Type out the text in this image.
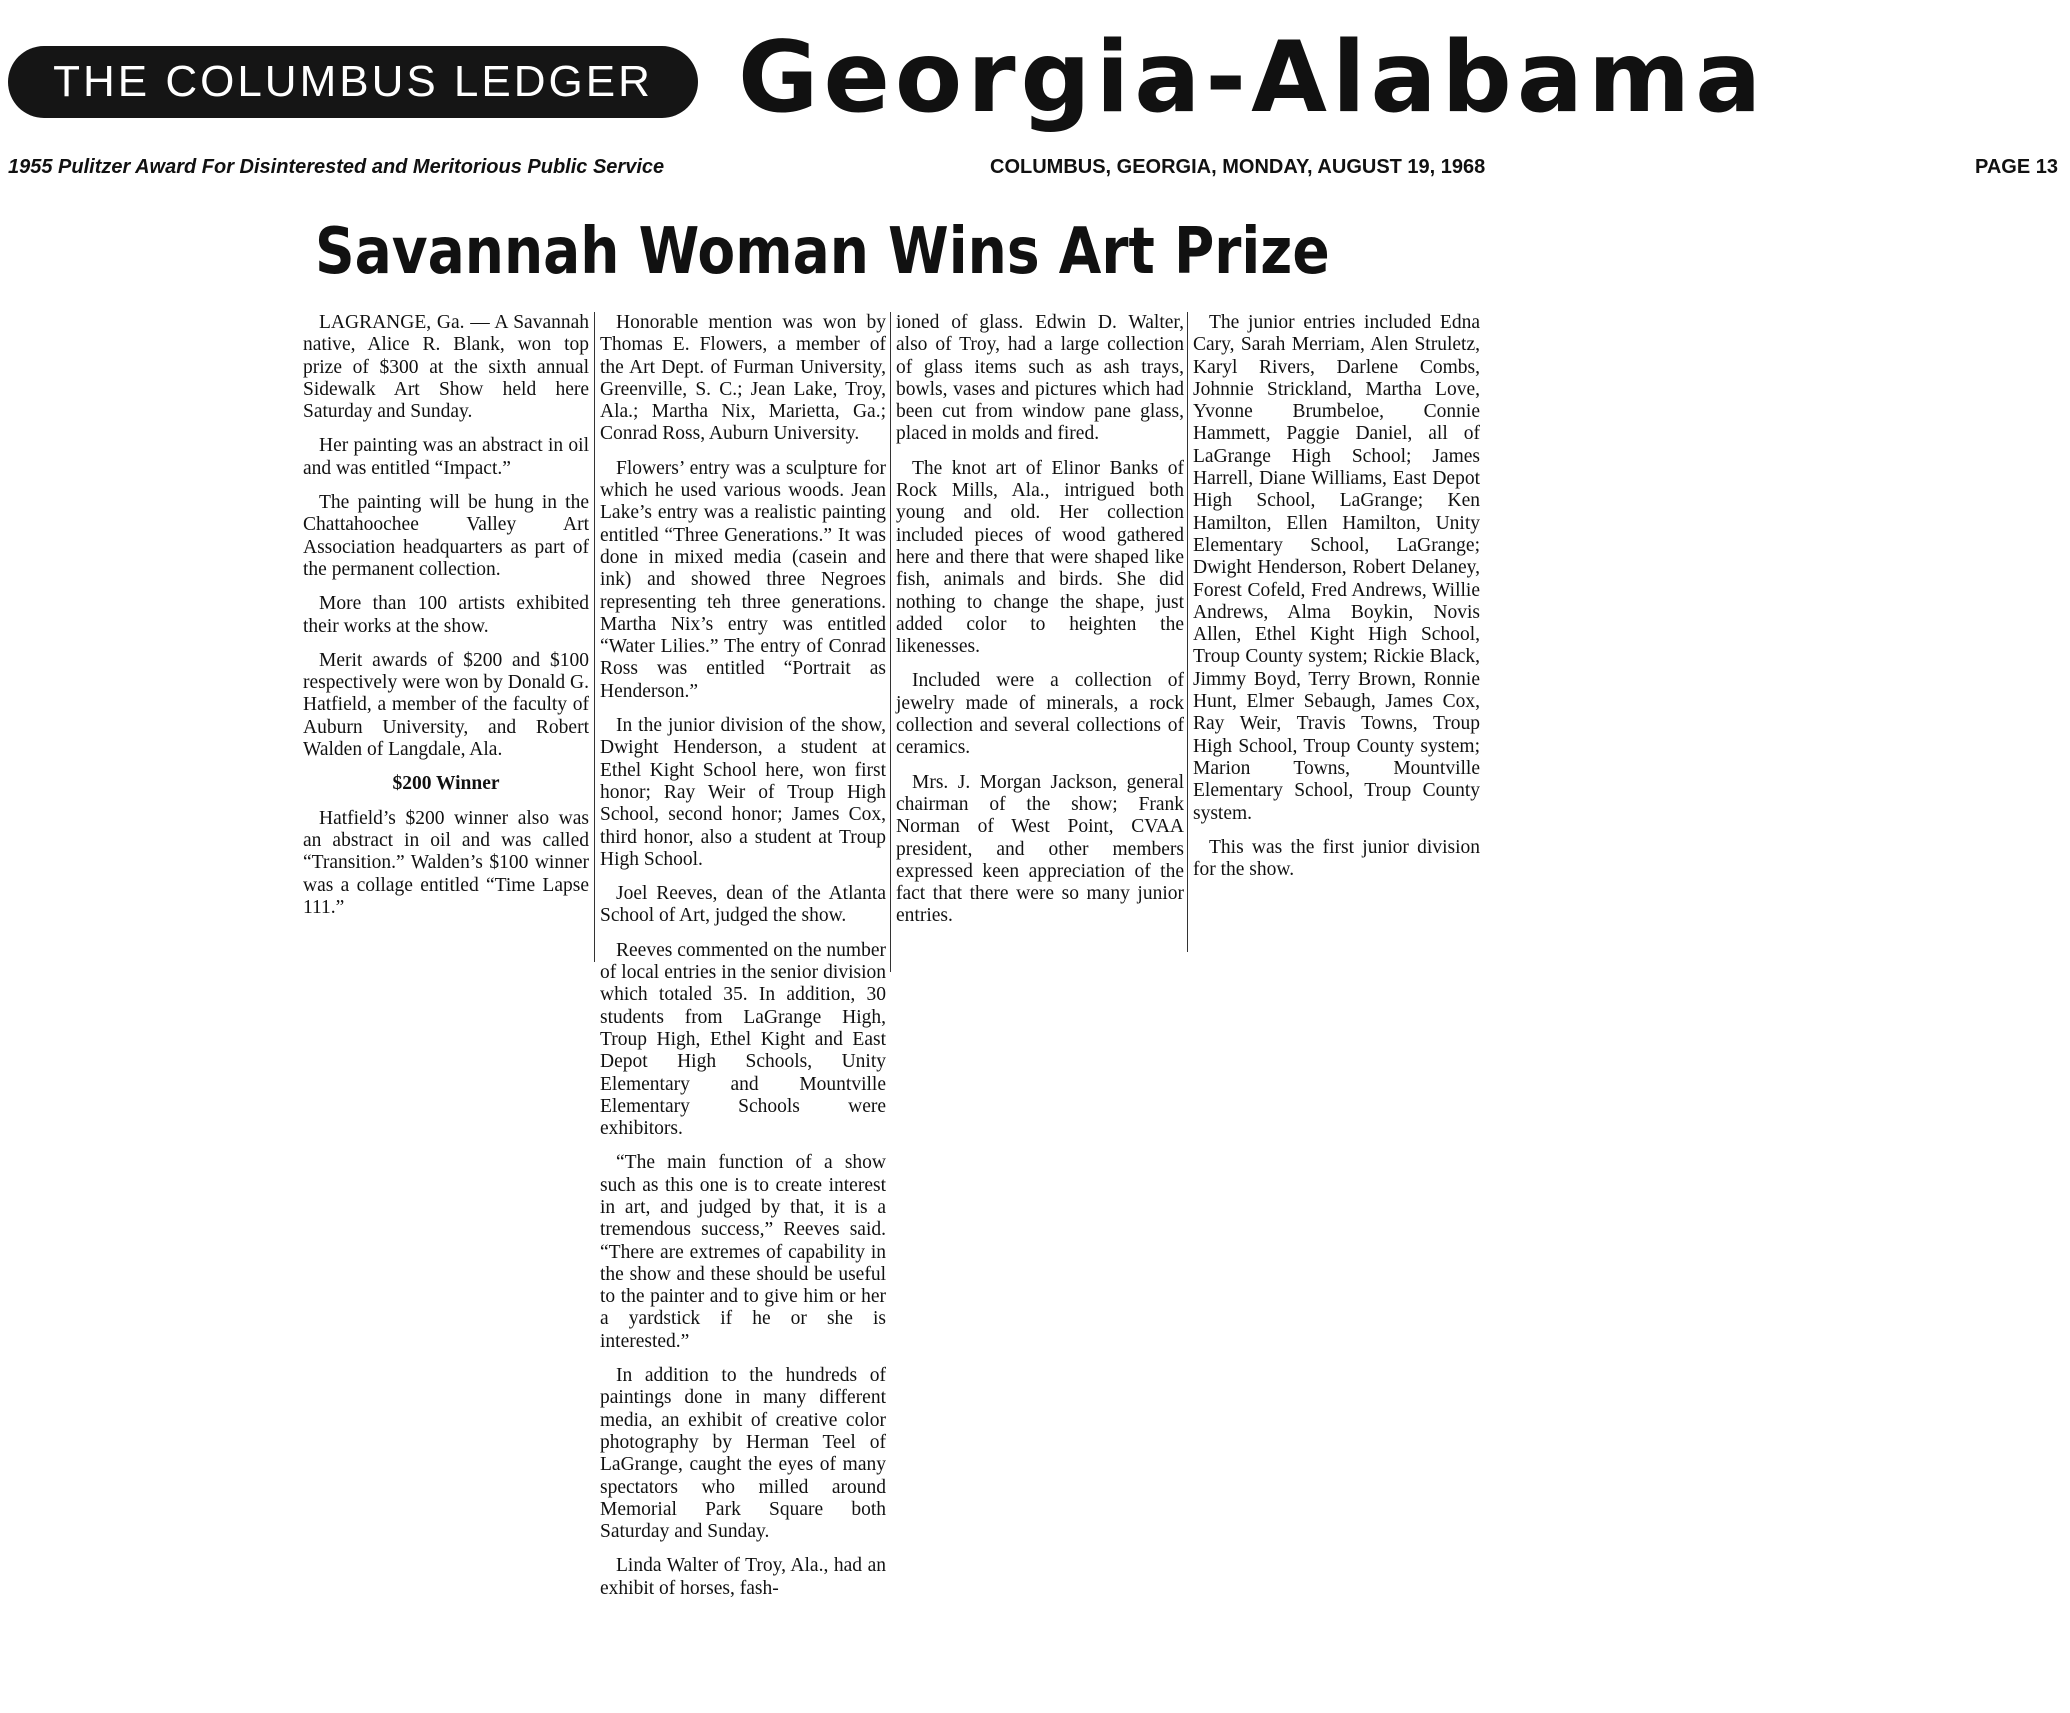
THE COLUMBUS LEDGER Georgia-Alabama
1955 Pulitzer Award For Disinterested and Meritorious Public Service	COLUMBUS, GEORGIA, MONDAY, AUGUST 19, 1968	PAGE 13
Savannah Woman Wins Art Prize

LAGRANGE, Ga. — A Savannah native, Alice R. Blank, won top prize of $300 at the sixth annual Sidewalk Art Show held here Saturday and Sunday.

Her painting was an abstract in oil and was entitled “Impact.”

The painting will be hung in the Chattahoochee Valley Art Association headquarters as part of the permanent collection.

More than 100 artists exhibited their works at the show.

Merit awards of $200 and $100 respectively were won by Donald G. Hatfield, a member of the faculty of Auburn University, and Robert Walden of Langdale, Ala.

$200 Winner

Hatfield’s $200 winner also was an abstract in oil and was called “Transition.” Walden’s $100 winner was a collage entitled “Time Lapse 111.”

Honorable mention was won by Thomas E. Flowers, a member of the Art Dept. of Furman University, Greenville, S. C.; Jean Lake, Troy, Ala.; Martha Nix, Marietta, Ga.; Conrad Ross, Auburn University.

Flowers’ entry was a sculpture for which he used various woods. Jean Lake’s entry was a realistic painting entitled “Three Generations.” It was done in mixed media (casein and ink) and showed three Negroes representing teh three generations. Martha Nix’s entry was entitled “Water Lilies.” The entry of Conrad Ross was entitled “Portrait as Henderson.”

In the junior division of the show, Dwight Henderson, a student at Ethel Kight School here, won first honor; Ray Weir of Troup High School, second honor; James Cox, third honor, also a student at Troup High School.

Joel Reeves, dean of the Atlanta School of Art, judged the show.

Reeves commented on the number of local entries in the senior division which totaled 35. In addition, 30 students from LaGrange High, Troup High, Ethel Kight and East Depot High Schools, Unity Elementary and Mountville Elementary Schools were exhibitors.

“The main function of a show such as this one is to create interest in art, and judged by that, it is a tremendous success,” Reeves said. “There are extremes of capability in the show and these should be useful to the painter and to give him or her a yardstick if he or she is interested.”

In addition to the hundreds of paintings done in many different media, an exhibit of creative color photography by Herman Teel of LaGrange, caught the eyes of many spectators who milled around Memorial Park Square both Saturday and Sunday.

Linda Walter of Troy, Ala., had an exhibit of horses, fash-

ioned of glass. Edwin D. Walter, also of Troy, had a large collection of glass items such as ash trays, bowls, vases and pictures which had been cut from window pane glass, placed in molds and fired.

The knot art of Elinor Banks of Rock Mills, Ala., intrigued both young and old. Her collection included pieces of wood gathered here and there that were shaped like fish, animals and birds. She did nothing to change the shape, just added color to heighten the likenesses.

Included were a collection of jewelry made of minerals, a rock collection and several collections of ceramics.

Mrs. J. Morgan Jackson, general chairman of the show; Frank Norman of West Point, CVAA president, and other members expressed keen appreciation of the fact that there were so many junior entries.

The junior entries included Edna Cary, Sarah Merriam, Alen Struletz, Karyl Rivers, Darlene Combs, Johnnie Strickland, Martha Love, Yvonne Brumbeloe, Connie Hammett, Paggie Daniel, all of LaGrange High School; James Harrell, Diane Williams, East Depot High School, LaGrange; Ken Hamilton, Ellen Hamilton, Unity Elementary School, LaGrange; Dwight Henderson, Robert Delaney, Forest Cofeld, Fred Andrews, Willie Andrews, Alma Boykin, Novis Allen, Ethel Kight High School, Troup County system; Rickie Black, Jimmy Boyd, Terry Brown, Ronnie Hunt, Elmer Sebaugh, James Cox, Ray Weir, Travis Towns, Troup High School, Troup County system; Marion Towns, Mountville Elementary School, Troup County system.

This was the first junior division for the show.
